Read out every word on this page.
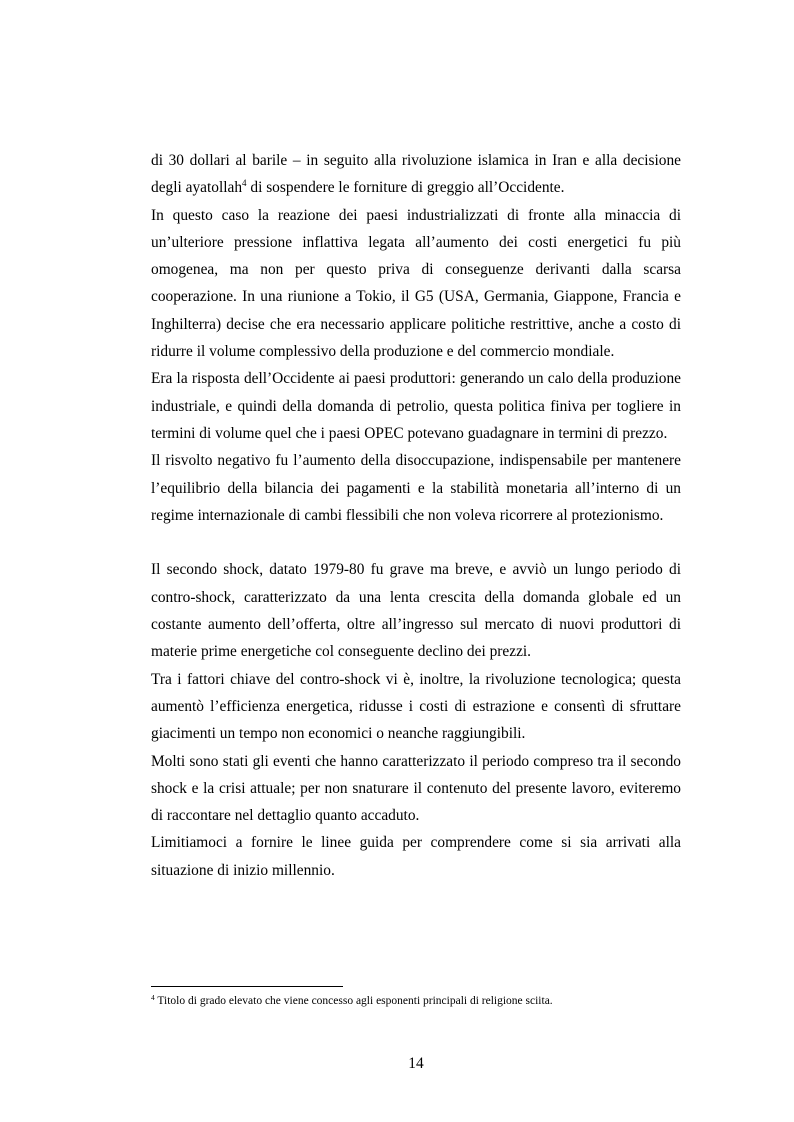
di 30 dollari al barile – in seguito alla rivoluzione islamica in Iran e alla decisione degli ayatollah$^4$ di sospendere le forniture di greggio all’Occidente.

In questo caso la reazione dei paesi industrializzati di fronte alla minaccia di un’ulteriore pressione inflattiva legata all’aumento dei costi energetici fu più omogenea, ma non per questo priva di conseguenze derivanti dalla scarsa cooperazione. In una riunione a Tokio, il G5 (USA, Germania, Giappone, Francia e Inghilterra) decise che era necessario applicare politiche restrittive, anche a costo di ridurre il volume complessivo della produzione e del commercio mondiale.

Era la risposta dell’Occidente ai paesi produttori: generando un calo della produzione industriale, e quindi della domanda di petrolio, questa politica finiva per togliere in termini di volume quel che i paesi OPEC potevano guadagnare in termini di prezzo.

Il risvolto negativo fu l’aumento della disoccupazione, indispensabile per mantenere l’equilibrio della bilancia dei pagamenti e la stabilità monetaria all’interno di un regime internazionale di cambi flessibili che non voleva ricorrere al protezionismo.

Il secondo shock, datato 1979-80 fu grave ma breve, e avviò un lungo periodo di contro-shock, caratterizzato da una lenta crescita della domanda globale ed un costante aumento dell’offerta, oltre all’ingresso sul mercato di nuovi produttori di materie prime energetiche col conseguente declino dei prezzi.

Tra i fattori chiave del contro-shock vi è, inoltre, la rivoluzione tecnologica; questa aumentò l’efficienza energetica, ridusse i costi di estrazione e consentì di sfruttare giacimenti un tempo non economici o neanche raggiungibili.

Molti sono stati gli eventi che hanno caratterizzato il periodo compreso tra il secondo shock e la crisi attuale; per non snaturare il contenuto del presente lavoro, eviteremo di raccontare nel dettaglio quanto accaduto.

Limitiamoci a fornire le linee guida per comprendere come si sia arrivati alla situazione di inizio millennio.

$^4$ Titolo di grado elevato che viene concesso agli esponenti principali di religione sciita.
14
